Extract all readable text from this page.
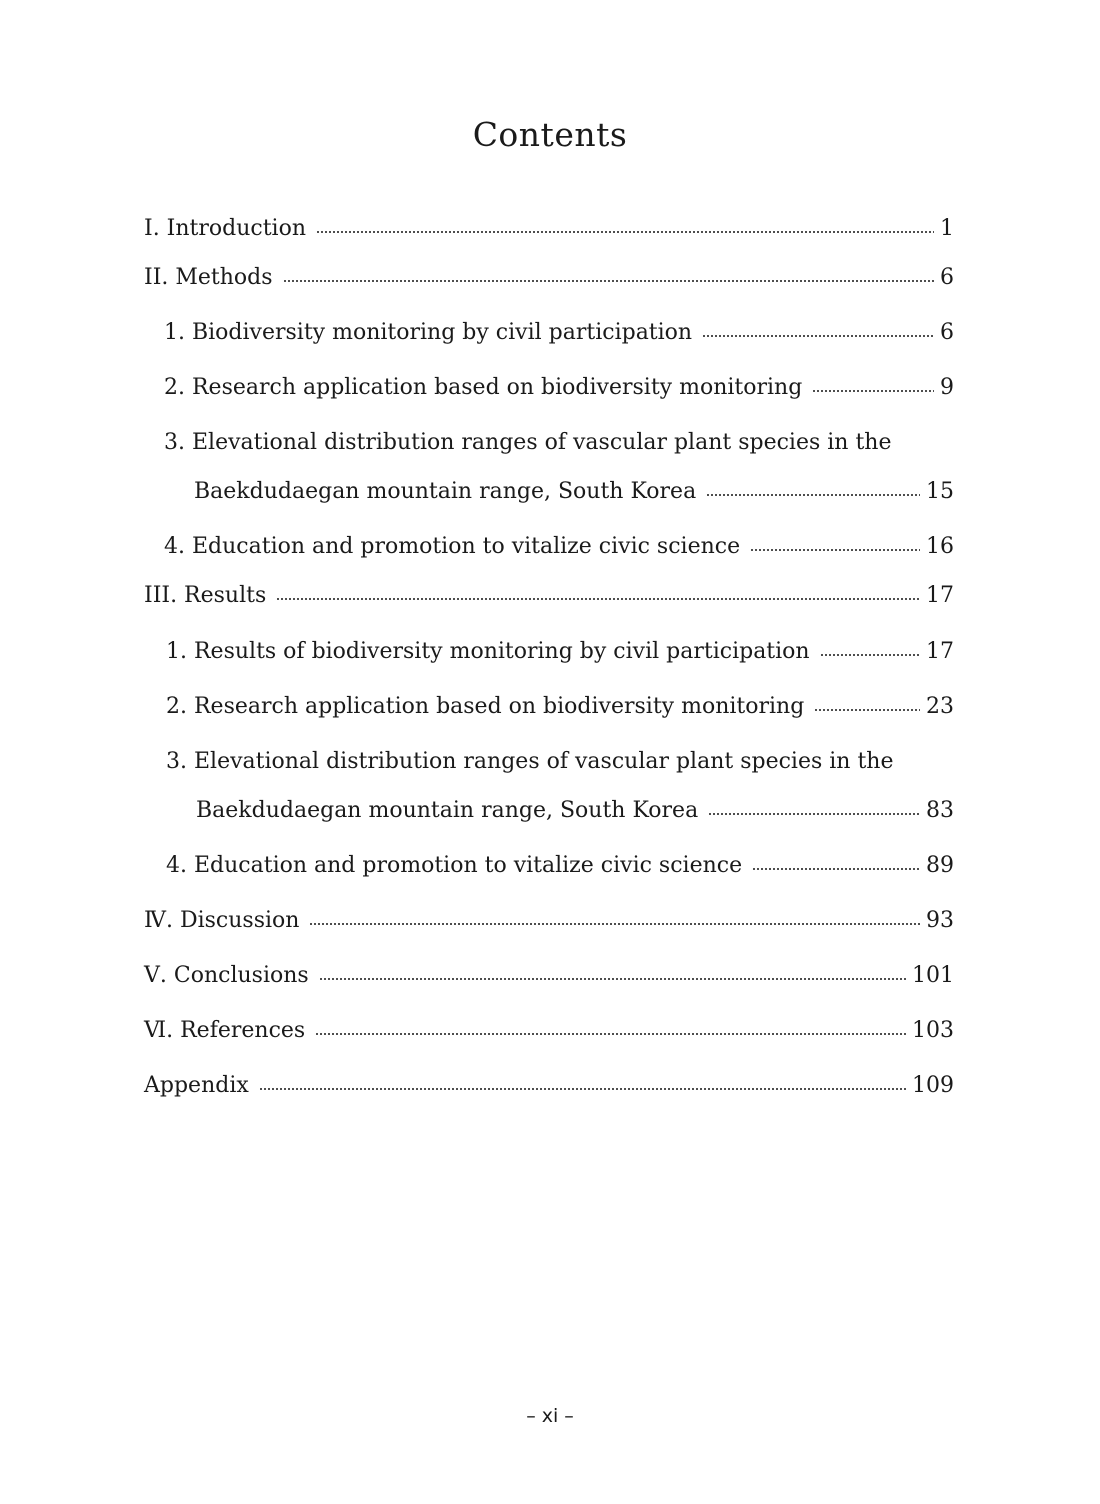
Contents
I. Introduction	1
II. Methods	6
1. Biodiversity monitoring by civil participation	6
2. Research application based on biodiversity monitoring	9
3. Elevational distribution ranges of vascular plant species in the
Baekdudaegan mountain range, South Korea	15
4. Education and promotion to vitalize civic science	16
III. Results	17
1. Results of biodiversity monitoring by civil participation	17
2. Research application based on biodiversity monitoring	23
3. Elevational distribution ranges of vascular plant species in the
Baekdudaegan mountain range, South Korea	83
4. Education and promotion to vitalize civic science	89
Ⅳ. Discussion	93
Ⅴ. Conclusions	101
Ⅵ. References	103
Appendix	109
– xi –
